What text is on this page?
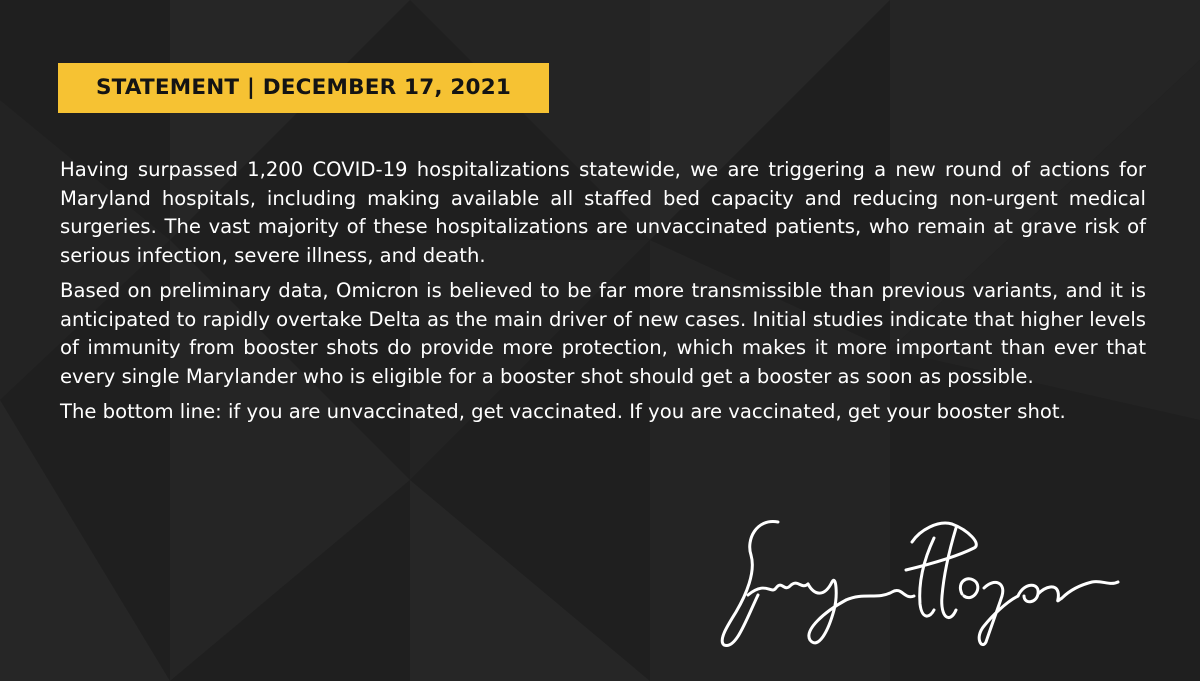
STATEMENT | DECEMBER 17, 2021

Having surpassed 1,200 COVID-19 hospitalizations statewide, we are triggering a new round of actions for Maryland hospitals, including making available all staffed bed capacity and reducing non-urgent medical surgeries. The vast majority of these hospitalizations are unvaccinated patients, who remain at grave risk of serious infection, severe illness, and death.

Based on preliminary data, Omicron is believed to be far more transmissible than previous variants, and it is anticipated to rapidly overtake Delta as the main driver of new cases. Initial studies indicate that higher levels of immunity from booster shots do provide more protection, which makes it more important than ever that every single Marylander who is eligible for a booster shot should get a booster as soon as possible.

The bottom line: if you are unvaccinated, get vaccinated. If you are vaccinated, get your booster shot.
